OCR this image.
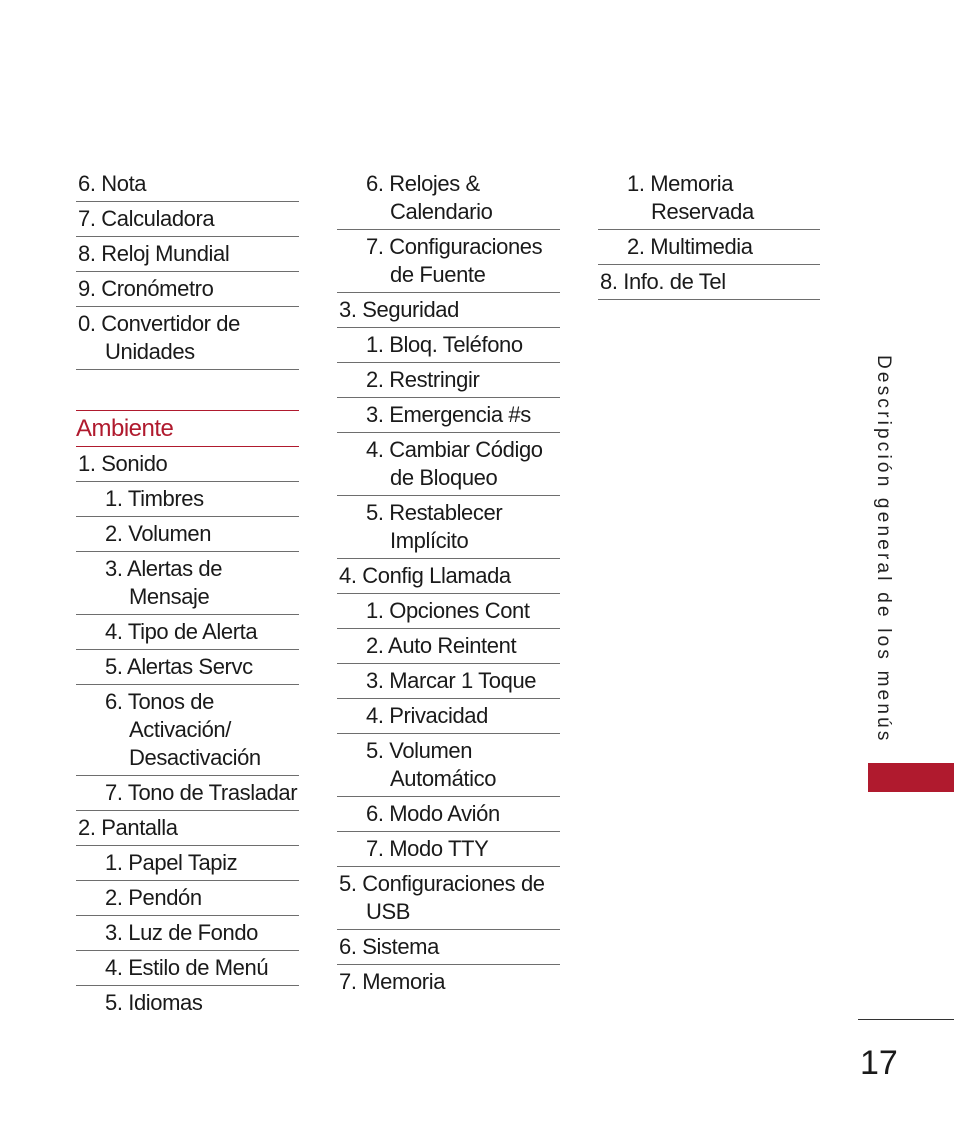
6. Nota
7. Calculadora
8. Reloj Mundial
9. Cronómetro
0. Convertidor de
Unidades
Ambiente
1. Sonido
1. Timbres
2. Volumen
3. Alertas de
Mensaje
4. Tipo de Alerta
5. Alertas Servc
6. Tonos de
Activación/
Desactivación
7. Tono de Trasladar
2. Pantalla
1. Papel Tapiz
2. Pendón
3. Luz de Fondo
4. Estilo de Menú
5. Idiomas
6. Relojes &
Calendario
7. Configuraciones
de Fuente
3. Seguridad
1. Bloq. Teléfono
2. Restringir
3. Emergencia #s
4. Cambiar Código
de Bloqueo
5. Restablecer
Implícito
4. Config Llamada
1. Opciones Cont
2. Auto Reintent
3. Marcar 1 Toque
4. Privacidad
5. Volumen
Automático
6. Modo Avión
7. Modo TTY
5. Configuraciones de
USB
6. Sistema
7. Memoria
1. Memoria
Reservada
2. Multimedia
8. Info. de Tel
Descripción general de los menús
17
